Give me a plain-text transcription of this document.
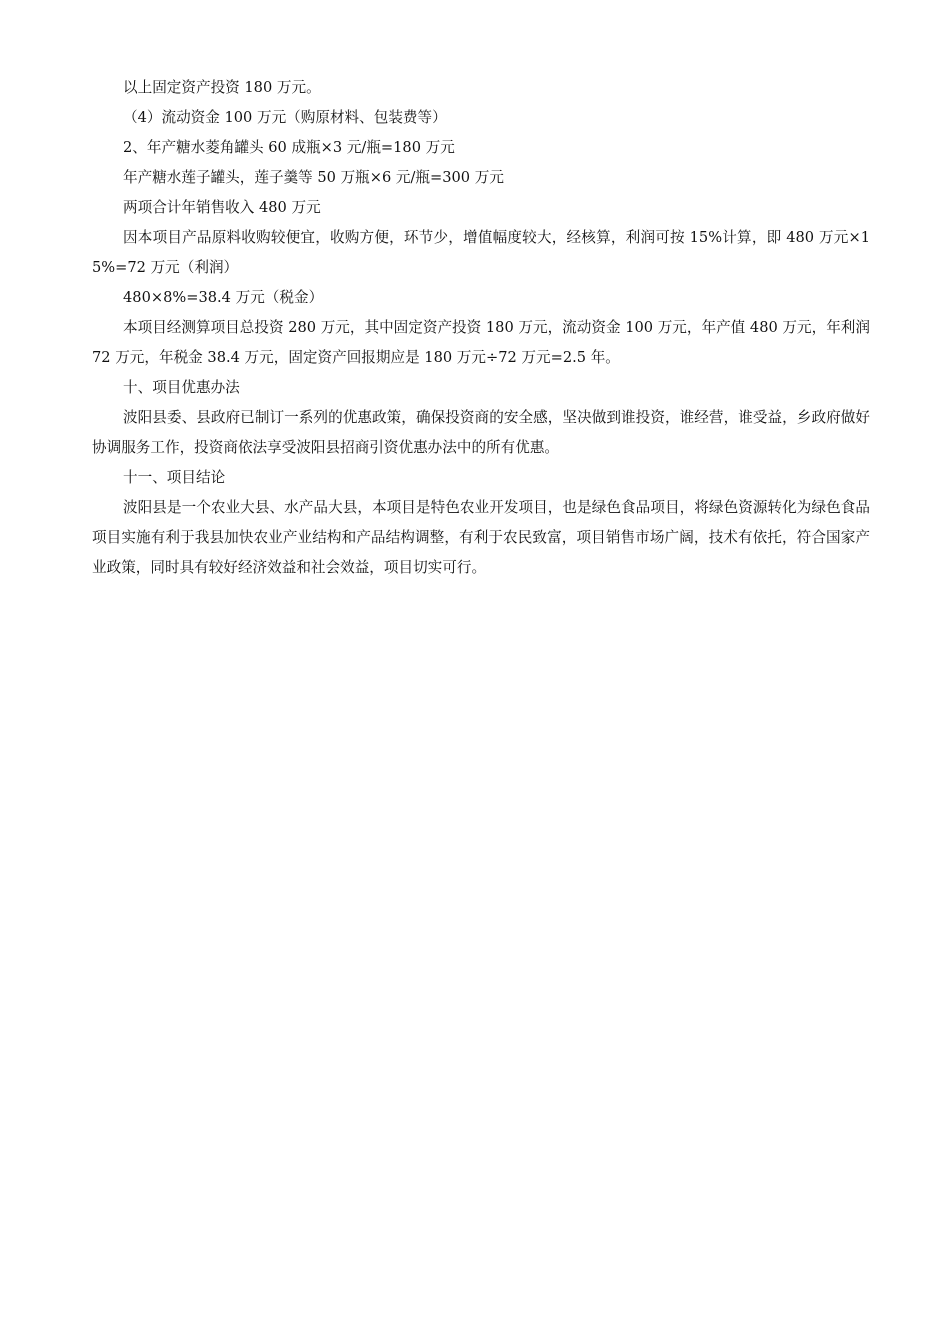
以上固定资产投资 180 万元。

（4）流动资金 100 万元（购原材料、包装费等）

2、年产糖水菱角罐头 60 成瓶×3 元/瓶=180 万元

年产糖水莲子罐头，莲子羹等 50 万瓶×6 元/瓶=300 万元

两项合计年销售收入 480 万元

因本项目产品原料收购较便宜，收购方便，环节少，增值幅度较大，经核算，利润可按 15%计算，即 480 万元×15%=72 万元（利润）

480×8%=38.4 万元（税金）

本项目经测算项目总投资 280 万元，其中固定资产投资 180 万元，流动资金 100 万元，年产值 480 万元，年利润 72 万元，年税金 38.4 万元，固定资产回报期应是 180 万元÷72 万元=2.5 年。

十、项目优惠办法

波阳县委、县政府已制订一系列的优惠政策，确保投资商的安全感，坚决做到谁投资，谁经营，谁受益，乡政府做好协调服务工作，投资商依法享受波阳县招商引资优惠办法中的所有优惠。

十一、项目结论

波阳县是一个农业大县、水产品大县，本项目是特色农业开发项目，也是绿色食品项目，将绿色资源转化为绿色食品项目实施有利于我县加快农业产业结构和产品结构调整，有利于农民致富，项目销售市场广阔，技术有依托，符合国家产业政策，同时具有较好经济效益和社会效益，项目切实可行。
